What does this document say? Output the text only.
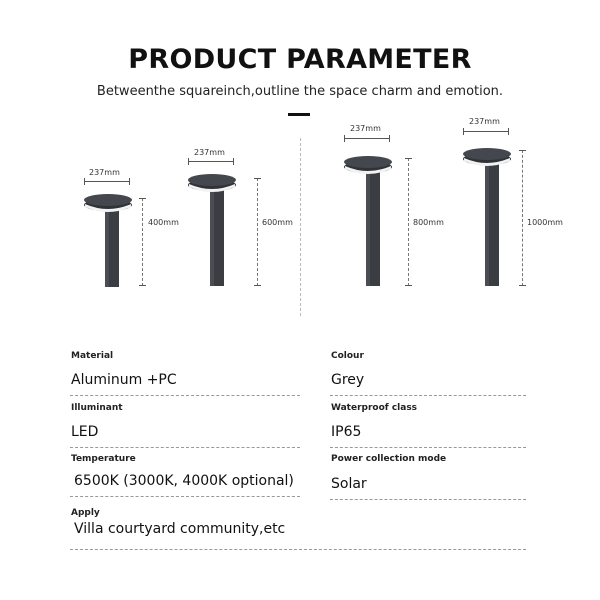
PRODUCT PARAMETER
Betweenthe squareinch,outline the space charm and emotion.
237mm
400mm
237mm
600mm
237mm
800mm
237mm
1000mm
Material
Aluminum +PC
Colour
Grey
Illuminant
LED
Waterproof class
IP65
Temperature
6500K (3000K, 4000K optional)
Power collection mode
Solar
Apply
Villa courtyard community,etc
